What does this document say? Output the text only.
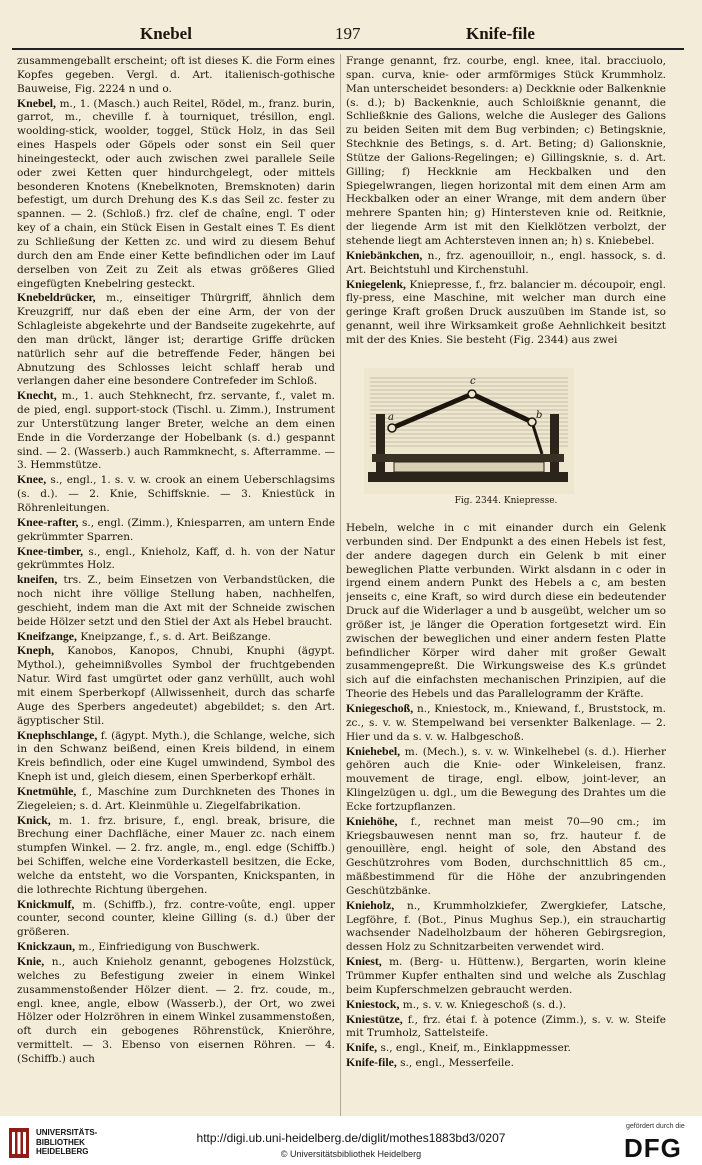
Knebel	197	Knife-file

zusammengeballt erscheint; oft ist dieses K. die Form eines Kopfes gegeben. Vergl. d. Art. italienisch-gothische Bauweise, Fig. 2224 n und o.

Knebel, m., 1. (Masch.) auch Reitel, Rödel, m., franz. burin, garrot, m., cheville f. à tourniquet, trésillon, engl. woolding-stick, woolder, toggel, Stück Holz, in das Seil eines Haspels oder Göpels oder sonst ein Seil quer hineingesteckt, oder auch zwischen zwei parallele Seile oder zwei Ketten quer hindurchgelegt, oder mittels besonderen Knotens (Knebelknoten, Bremsknoten) darin befestigt, um durch Drehung des K.s das Seil zc. fester zu spannen. — 2. (Schloß.) frz. clef de chaîne, engl. T oder key of a chain, ein Stück Eisen in Gestalt eines T. Es dient zu Schließung der Ketten zc. und wird zu diesem Behuf durch den am Ende einer Kette befindlichen oder im Lauf derselben von Zeit zu Zeit als etwas größeres Glied eingefügten Knebelring gesteckt.

Knebeldrücker, m., einseitiger Thürgriff, ähnlich dem Kreuzgriff, nur daß eben der eine Arm, der von der Schlagleiste abgekehrte und der Bandseite zugekehrte, auf den man drückt, länger ist; derartige Griffe drücken natürlich sehr auf die betreffende Feder, hängen bei Abnutzung des Schlosses leicht schlaff herab und verlangen daher eine besondere Contrefeder im Schloß.

Knecht, m., 1. auch Stehknecht, frz. servante, f., valet m. de pied, engl. support-stock (Tischl. u. Zimm.), Instrument zur Unterstützung langer Breter, welche an dem einen Ende in die Vorderzange der Hobelbank (s. d.) gespannt sind. — 2. (Wasserb.) auch Rammknecht, s. Afterramme. — 3. Hemmstütze.

Knee, s., engl., 1. s. v. w. crook an einem Ueberschlagsims (s. d.). — 2. Knie, Schiffsknie. — 3. Kniestück in Röhrenleitungen.

Knee-rafter, s., engl. (Zimm.), Kniesparren, am untern Ende gekrümmter Sparren.

Knee-timber, s., engl., Knieholz, Kaff, d. h. von der Natur gekrümmtes Holz.

kneifen, trs. Z., beim Einsetzen von Verbandstücken, die noch nicht ihre völlige Stellung haben, nachhelfen, geschieht, indem man die Axt mit der Schneide zwischen beide Hölzer setzt und den Stiel der Axt als Hebel braucht.

Kneifzange, Kneipzange, f., s. d. Art. Beißzange.

Kneph, Kanobos, Kanopos, Chnubi, Knuphi (ägypt. Mythol.), geheimnißvolles Symbol der fruchtgebenden Natur. Wird fast umgürtet oder ganz verhüllt, auch wohl mit einem Sperberkopf (Allwissenheit, durch das scharfe Auge des Sperbers angedeutet) abgebildet; s. den Art. ägyptischer Stil.

Knephschlange, f. (ägypt. Myth.), die Schlange, welche, sich in den Schwanz beißend, einen Kreis bildend, in einem Kreis befindlich, oder eine Kugel umwindend, Symbol des Kneph ist und, gleich diesem, einen Sperberkopf erhält.

Knetmühle, f., Maschine zum Durchkneten des Thones in Ziegeleien; s. d. Art. Kleinmühle u. Ziegelfabrikation.

Knick, m. 1. frz. brisure, f., engl. break, brisure, die Brechung einer Dachfläche, einer Mauer zc. nach einem stumpfen Winkel. — 2. frz. angle, m., engl. edge (Schiffb.) bei Schiffen, welche eine Vorderkastell besitzen, die Ecke, welche da entsteht, wo die Vorspanten, Knickspanten, in die lothrechte Richtung übergehen.

Knickmulf, m. (Schiffb.), frz. contre-voûte, engl. upper counter, second counter, kleine Gilling (s. d.) über der größeren.

Knickzaun, m., Einfriedigung von Buschwerk.

Knie, n., auch Knieholz genannt, gebogenes Holzstück, welches zu Befestigung zweier in einem Winkel zusammenstoßender Hölzer dient. — 2. frz. coude, m., engl. knee, angle, elbow (Wasserb.), der Ort, wo zwei Hölzer oder Holzröhren in einem Winkel zusammenstoßen, oft durch ein gebogenes Röhrenstück, Knieröhre, vermittelt. — 3. Ebenso von eisernen Röhren. — 4. (Schiffb.) auch

Frange genannt, frz. courbe, engl. knee, ital. bracciuolo, span. curva, knie- oder armförmiges Stück Krummholz. Man unterscheidet besonders: a) Deckknie oder Balkenknie (s. d.); b) Backenknie, auch Schloißknie genannt, die Schließknie des Galions, welche die Ausleger des Galions zu beiden Seiten mit dem Bug verbinden; c) Betingsknie, Stechknie des Betings, s. d. Art. Beting; d) Galionsknie, Stütze der Galions-Regelingen; e) Gillingsknie, s. d. Art. Gilling; f) Heckknie am Heckbalken und den Spiegelwrangen, liegen horizontal mit dem einen Arm am Heckbalken oder an einer Wrange, mit dem andern über mehrere Spanten hin; g) Hintersteven knie od. Reitknie, der liegende Arm ist mit den Kielklötzen verbolzt, der stehende liegt am Achtersteven innen an; h) s. Kniebebel.

Kniebänkchen, n., frz. agenouilloir, n., engl. hassock, s. d. Art. Beichtstuhl und Kirchenstuhl.

Kniegelenk, Kniepresse, f., frz. balancier m. découpoir, engl. fly-press, eine Maschine, mit welcher man durch eine geringe Kraft großen Druck auszuüben im Stande ist, so genannt, weil ihre Wirksamkeit große Aehnlichkeit besitzt mit der des Knies. Sie besteht (Fig. 2344) aus zwei

a
c
b
Fig. 2344. Kniepresse.

Hebeln, welche in c mit einander durch ein Gelenk verbunden sind. Der Endpunkt a des einen Hebels ist fest, der andere dagegen durch ein Gelenk b mit einer beweglichen Platte verbunden. Wirkt alsdann in c oder in irgend einem andern Punkt des Hebels a c, am besten jenseits c, eine Kraft, so wird durch diese ein bedeutender Druck auf die Widerlager a und b ausgeübt, welcher um so größer ist, je länger die Operation fortgesetzt wird. Ein zwischen der beweglichen und einer andern festen Platte befindlicher Körper wird daher mit großer Gewalt zusammengepreßt. Die Wirkungsweise des K.s gründet sich auf die einfachsten mechanischen Prinzipien, auf die Theorie des Hebels und das Parallelogramm der Kräfte.

Kniegeschoß, n., Kniestock, m., Kniewand, f., Bruststock, m. zc., s. v. w. Stempelwand bei versenkter Balkenlage. — 2. Hier und da s. v. w. Halbgeschoß.

Kniehebel, m. (Mech.), s. v. w. Winkelhebel (s. d.). Hierher gehören auch die Knie- oder Winkeleisen, franz. mouvement de tirage, engl. elbow, joint-lever, an Klingelzügen u. dgl., um die Bewegung des Drahtes um die Ecke fortzupflanzen.

Kniehöhe, f., rechnet man meist 70—90 cm.; im Kriegsbauwesen nennt man so, frz. hauteur f. de genouillère, engl. height of sole, den Abstand des Geschützrohres vom Boden, durchschnittlich 85 cm., mäßbestimmend für die Höhe der anzubringenden Geschützbänke.

Knieholz, n., Krummholzkiefer, Zwergkiefer, Latsche, Legföhre, f. (Bot., Pinus Mughus Sep.), ein strauchartig wachsender Nadelholzbaum der höheren Gebirgsregion, dessen Holz zu Schnitzarbeiten verwendet wird.

Kniest, m. (Berg- u. Hüttenw.), Bergarten, worin kleine Trümmer Kupfer enthalten sind und welche als Zuschlag beim Kupferschmelzen gebraucht werden.

Kniestock, m., s. v. w. Kniegeschoß (s. d.).

Kniestütze, f., frz. étai f. à potence (Zimm.), s. v. w. Steife mit Trumholz, Sattelsteife.

Knife, s., engl., Kneif, m., Einklappmesser.

Knife-file, s., engl., Messerfeile.

UNIVERSITÄTS-
BIBLIOTHEK
HEIDELBERG
http://digi.ub.uni-heidelberg.de/diglit/mothes1883bd3/0207
© Universitätsbibliothek Heidelberg
gefördert durch die
DFG
